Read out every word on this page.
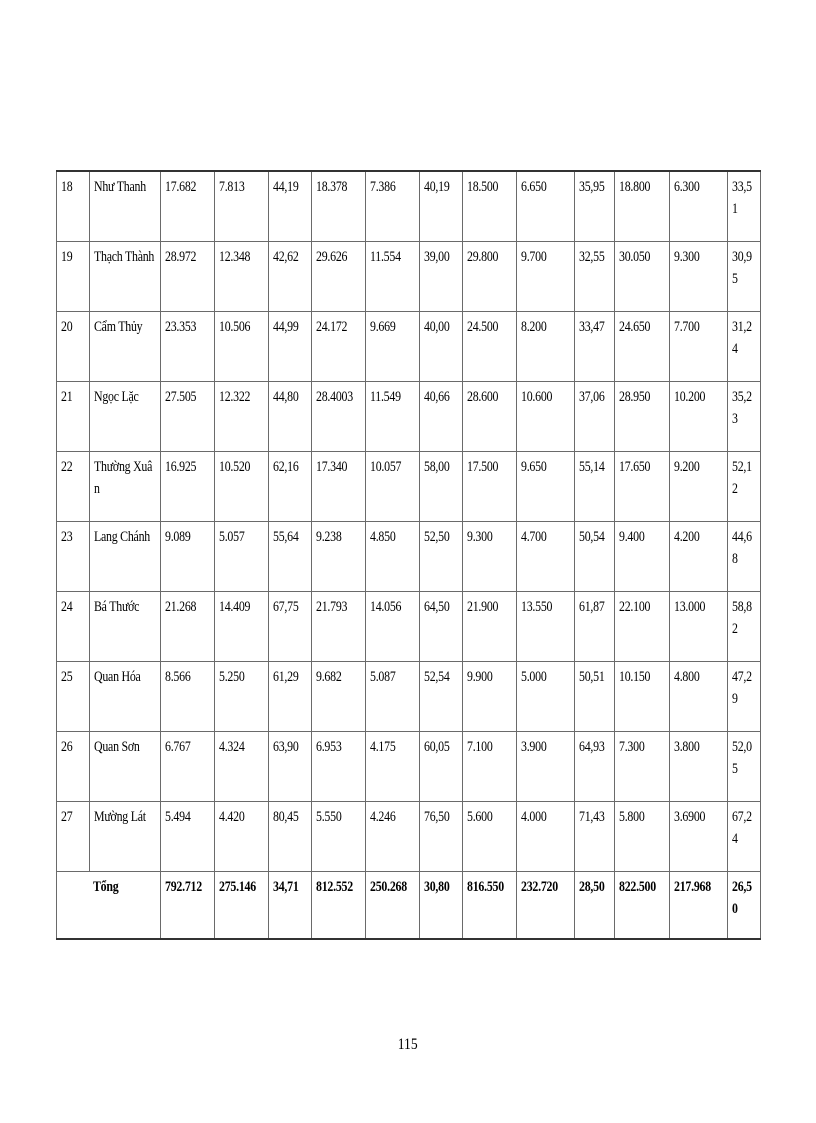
18	Như Thanh	17.682	7.813	44,19	18.378	7.386	40,19	18.500	6.650	35,95	18.800	6.300	33,51

19	Thạch Thành	28.972	12.348	42,62	29.626	11.554	39,00	29.800	9.700	32,55	30.050	9.300	30,95

20	Cẩm Thủy	23.353	10.506	44,99	24.172	9.669	40,00	24.500	8.200	33,47	24.650	7.700	31,24

21	Ngọc Lặc	27.505	12.322	44,80	28.4003	11.549	40,66	28.600	10.600	37,06	28.950	10.200	35,23

22	Thường Xuân	16.925	10.520	62,16	17.340	10.057	58,00	17.500	9.650	55,14	17.650	9.200	52,12

23	Lang Chánh	9.089	5.057	55,64	9.238	4.850	52,50	9.300	4.700	50,54	9.400	4.200	44,68

24	Bá Thước	21.268	14.409	67,75	21.793	14.056	64,50	21.900	13.550	61,87	22.100	13.000	58,82

25	Quan Hóa	8.566	5.250	61,29	9.682	5.087	52,54	9.900	5.000	50,51	10.150	4.800	47,29

26	Quan Sơn	6.767	4.324	63,90	6.953	4.175	60,05	7.100	3.900	64,93	7.300	3.800	52,05

27	Mường Lát	5.494	4.420	80,45	5.550	4.246	76,50	5.600	4.000	71,43	5.800	3.6900	67,24

Tổng		792.712	275.146	34,71	812.552	250.268	30,80	816.550	232.720	28,50	822.500	217.968	26,50
115
